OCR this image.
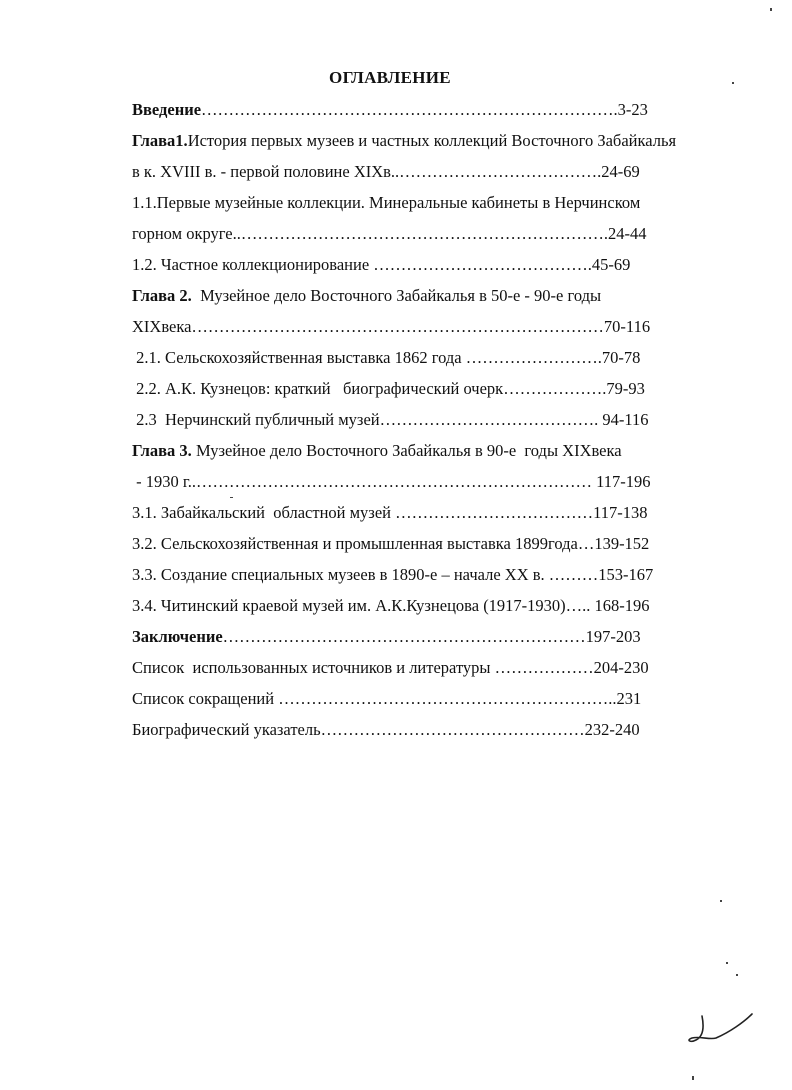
ОГЛАВЛЕНИЕ
Введение………………………………………………………………….3-23
Глава1.История первых музеев и частных коллекций Восточного Забайкалья
в к. XVIII в. - первой половине XIXв..……………………………….24-69
1.1.Первые музейные коллекции. Минеральные кабинеты в Нерчинском
горном округе..………………………………………………………….24-44
1.2. Частное коллекционирование ………………………………….45-69
Глава 2.  Музейное дело Восточного Забайкалья в 50-е - 90-е годы
XIXвека…………………………………………………………………70-116
2.1. Сельскохозяйственная выставка 1862 года …………………….70-78
2.2. А.К. Кузнецов: краткий   биографический очерк……………….79-93
2.3  Нерчинский публичный музей…………………………………. 94-116
Глава 3. Музейное дело Восточного Забайкалья в 90-е  годы XIXвека
- 1930 г..……………………………………………………………… 117-196
3.1. Забайкальский  областной музей ………………………………117-138
3.2. Сельскохозяйственная и промышленная выставка 1899года…139-152
3.3. Создание специальных музеев в 1890-е – начале XX в. ………153-167
3.4. Читинский краевой музей им. А.К.Кузнецова (1917-1930)….. 168-196
Заключение…………………………………………………………197-203
Список  использованных источников и литературы ………………204-230
Список сокращений ……………………………………………………..231
Биографический указатель…………………………………………232-240
